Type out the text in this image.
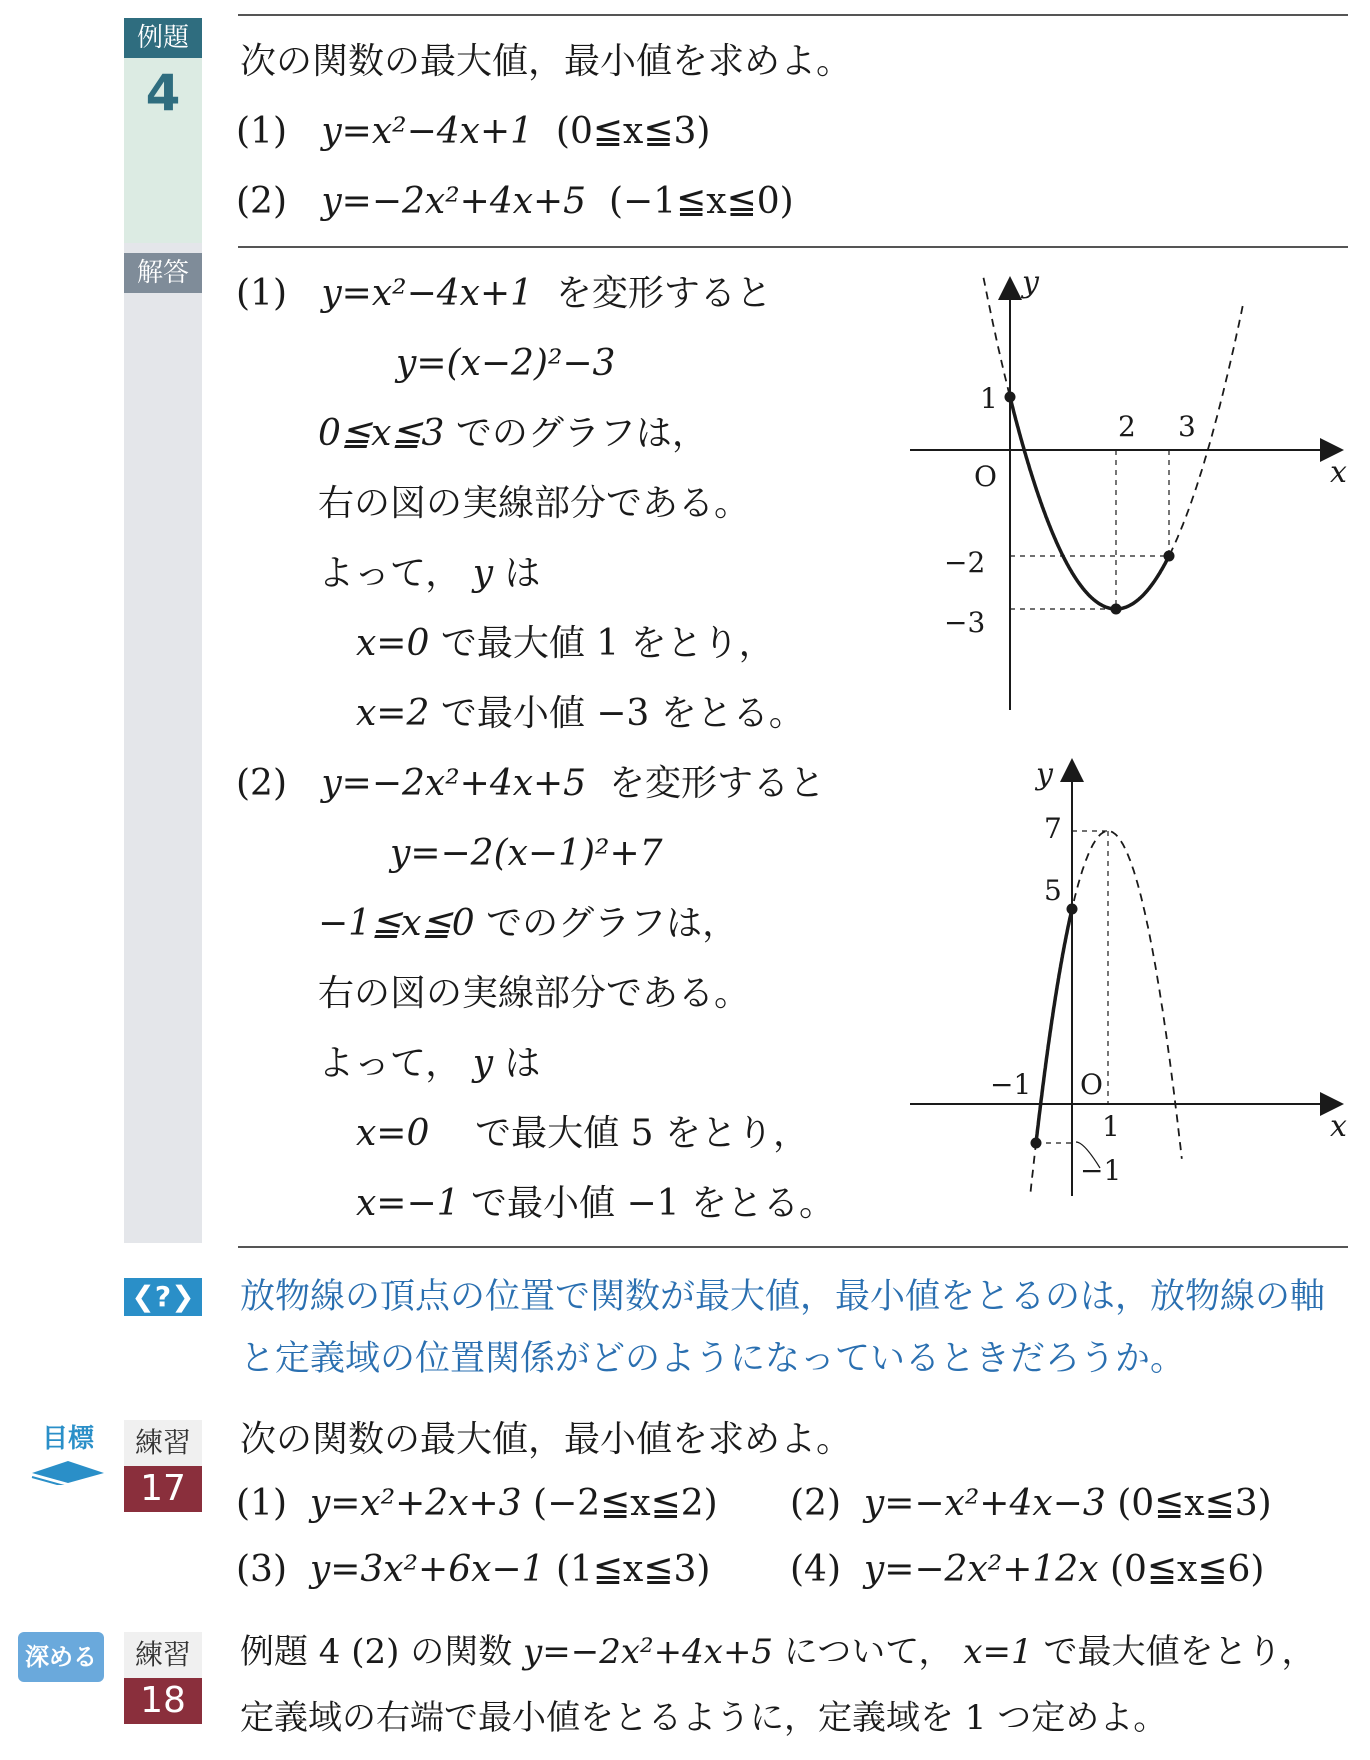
例題
4
解答
次の関数の最大値，最小値を求めよ。
(1) y=x²−4x+1 (0≦x≦3)
(2) y=−2x²+4x+5 (−1≦x≦0)
(1) y=x²−4x+1 を変形すると
y=(x−2)²−3
0≦x≦3 でのグラフは，
右の図の実線部分である。
よって， y は
x=0 で最大値 1 をとり，
x=2 で最小値 −3 をとる。
(2) y=−2x²+4x+5 を変形すると
y=−2(x−1)²+7
−1≦x≦0 でのグラフは，
右の図の実線部分である。
よって， y は
x=0 で最大値 5 をとり，
x=−1 で最小値 −1 をとる。
y
x
O
1
2 3
−2
−3
y
x
O
7
5
−1
1
−1
❮?❯ 放物線の頂点の位置で関数が最大値，最小値をとるのは，放物線の軸
と定義域の位置関係がどのようになっているときだろうか。
目標	練習
17
次の関数の最大値，最小値を求めよ。
(1) y=x²+2x+3 (−2≦x≦2) (2) y=−x²+4x−3 (0≦x≦3)
(3) y=3x²+6x−1 (1≦x≦3) (4) y=−2x²+12x (0≦x≦6)
深める	練習
18
例題 4 (2) の関数 y=−2x²+4x+5 について， x=1 で最大値をとり，
定義域の右端で最小値をとるように，定義域を 1 つ定めよ。
